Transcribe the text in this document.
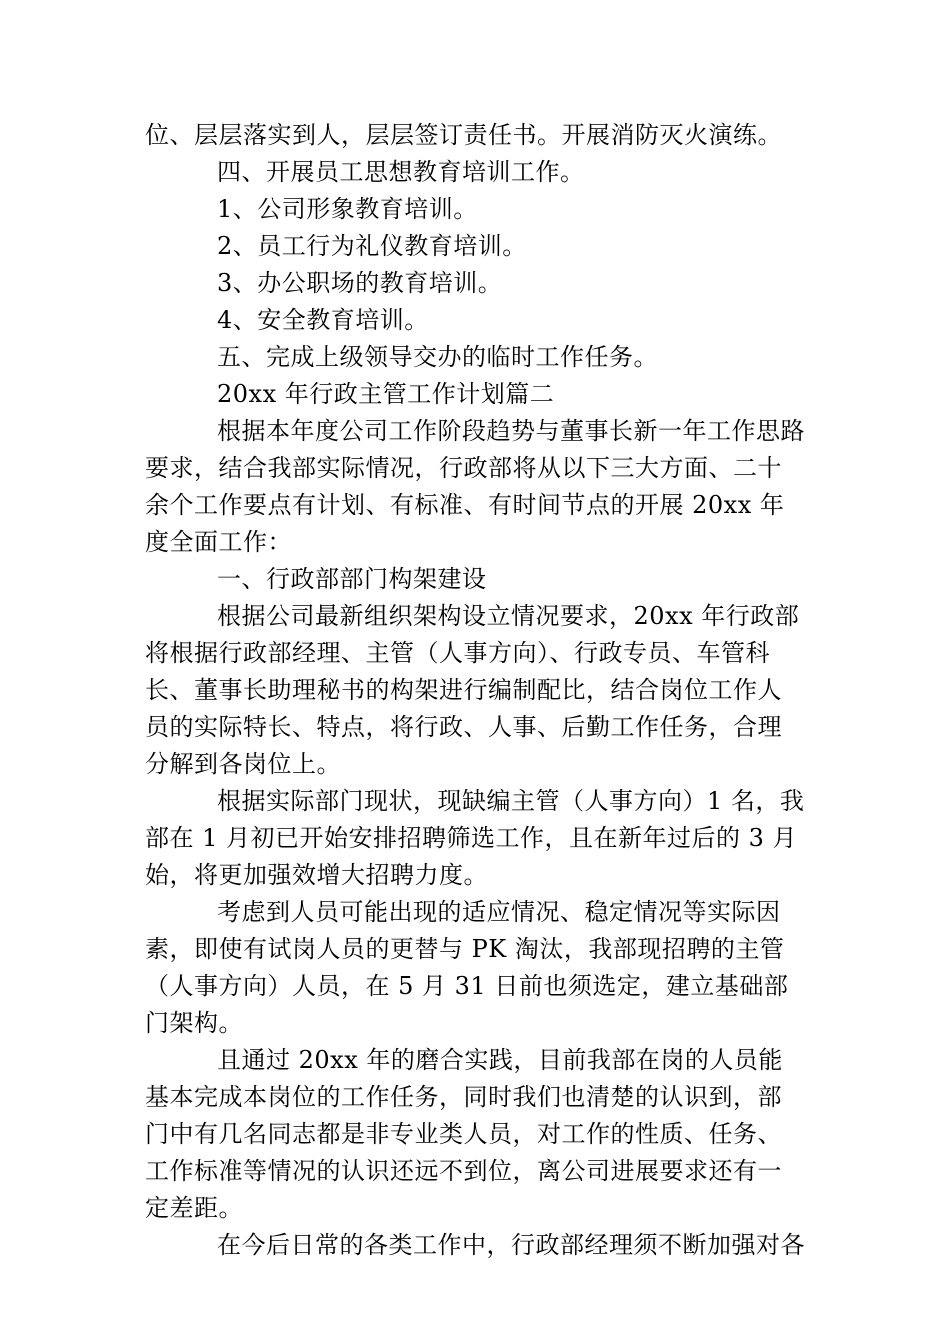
位、层层落实到人，层层签订责任书。开展消防灭火演练。

四、开展员工思想教育培训工作。

1、公司形象教育培训。

2、员工行为礼仪教育培训。

3、办公职场的教育培训。

4、安全教育培训。

五、完成上级领导交办的临时工作任务。

20xx 年行政主管工作计划篇二

根据本年度公司工作阶段趋势与董事长新一年工作思路要求，结合我部实际情况，行政部将从以下三大方面、二十余个工作要点有计划、有标准、有时间节点的开展 20xx 年度全面工作：

一、行政部部门构架建设

根据公司最新组织架构设立情况要求，20xx 年行政部将根据行政部经理、主管（人事方向）、行政专员、车管科长、董事长助理秘书的构架进行编制配比，结合岗位工作人员的实际特长、特点，将行政、人事、后勤工作任务，合理分解到各岗位上。

根据实际部门现状，现缺编主管（人事方向）1 名，我部在 1 月初已开始安排招聘筛选工作，且在新年过后的 3 月始，将更加强效增大招聘力度。

考虑到人员可能出现的适应情况、稳定情况等实际因素，即使有试岗人员的更替与 PK 淘汰，我部现招聘的主管（人事方向）人员，在 5 月 31 日前也须选定，建立基础部门架构。

且通过 20xx 年的磨合实践，目前我部在岗的人员能基本完成本岗位的工作任务，同时我们也清楚的认识到，部门中有几名同志都是非专业类人员，对工作的性质、任务、工作标准等情况的认识还远不到位，离公司进展要求还有一定差距。

在今后日常的各类工作中，行政部经理须不断加强对各
